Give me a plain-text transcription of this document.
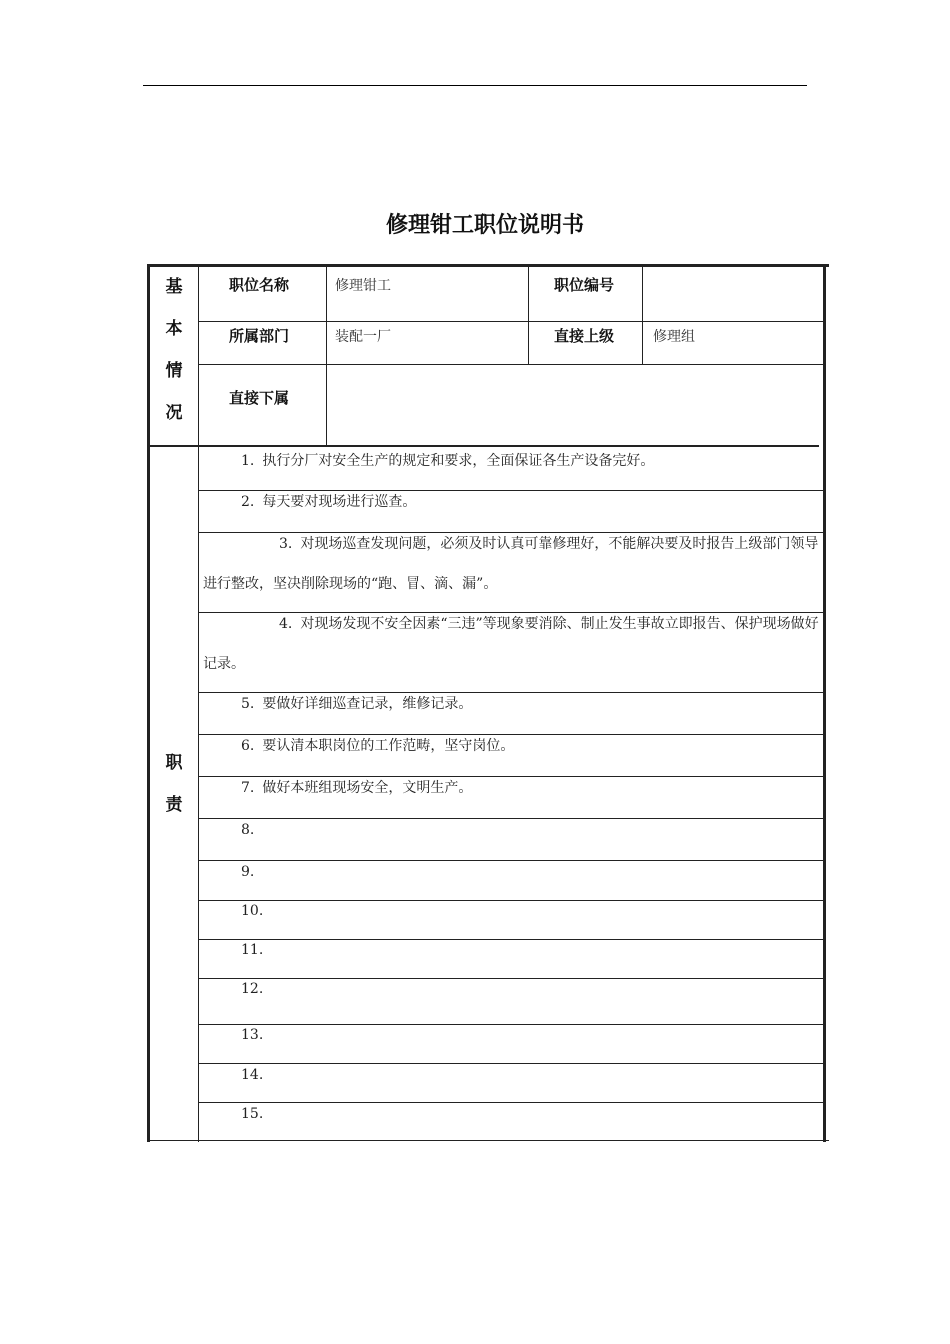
修理钳工职位说明书
基
本
情
况
职位名称	修理钳工	职位编号
所属部门	装配一厂	直接上级	修理组
直接下属
职
责
1. 执行分厂对安全生产的规定和要求，全面保证各生产设备完好。
2. 每天要对现场进行巡查。
3. 对现场巡查发现问题，必须及时认真可靠修理好，不能解决要及时报告上级部门领导进行整改，坚决削除现场的“跑、冒、滴、漏”。
4. 对现场发现不安全因素“三违”等现象要消除、制止发生事故立即报告、保护现场做好记录。
5. 要做好详细巡查记录，维修记录。
6. 要认清本职岗位的工作范畴，坚守岗位。
7. 做好本班组现场安全，文明生产。
8.
9.
10.
11.
12.
13.
14.
15.
